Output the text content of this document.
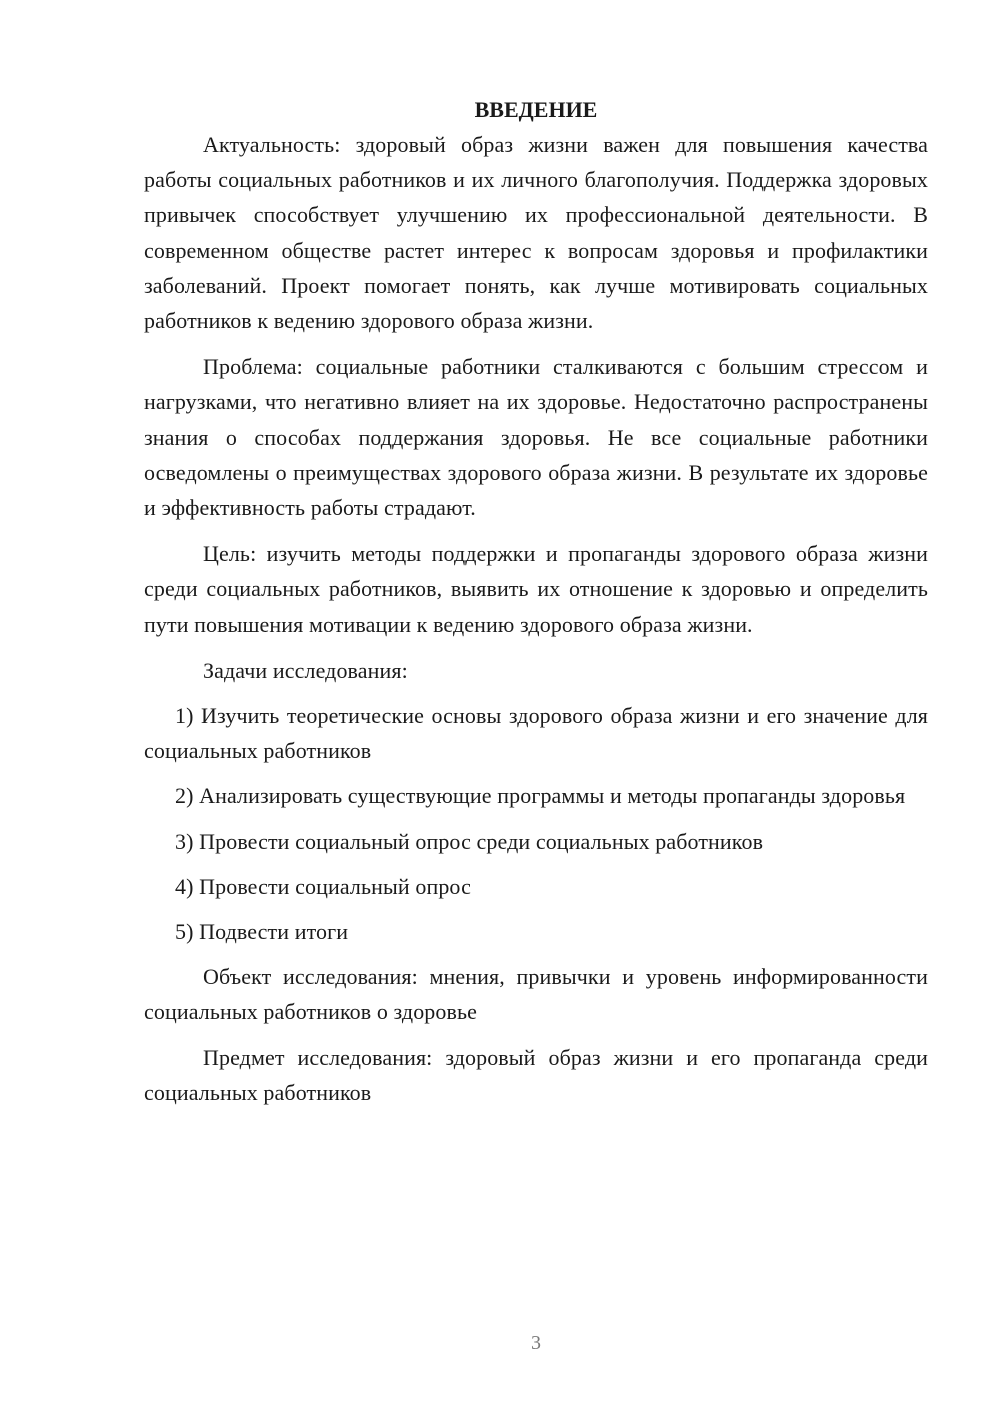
ВВЕДЕНИЕ

Актуальность: здоровый образ жизни важен для повышения качества работы социальных работников и их личного благополучия. Поддержка здоровых привычек способствует улучшению их профессиональной деятельности. В современном обществе растет интерес к вопросам здоровья и профилактики заболеваний. Проект помогает понять, как лучше мотивировать социальных работников к ведению здорового образа жизни.

Проблема: социальные работники сталкиваются с большим стрессом и нагрузками, что негативно влияет на их здоровье. Недостаточно распространены знания о способах поддержания здоровья. Не все социальные работники осведомлены о преимуществах здорового образа жизни. В результате их здоровье и эффективность работы страдают.

Цель: изучить методы поддержки и пропаганды здорового образа жизни среди социальных работников, выявить их отношение к здоровью и определить пути повышения мотивации к ведению здорового образа жизни.

Задачи исследования:

1) Изучить теоретические основы здорового образа жизни и его значение для социальных работников

2) Анализировать существующие программы и методы пропаганды здоровья

3) Провести социальный опрос среди социальных работников

4) Провести социальный опрос

5) Подвести итоги

Объект исследования: мнения, привычки и уровень информированности социальных работников о здоровье

Предмет исследования: здоровый образ жизни и его пропаганда среди социальных работников

3
